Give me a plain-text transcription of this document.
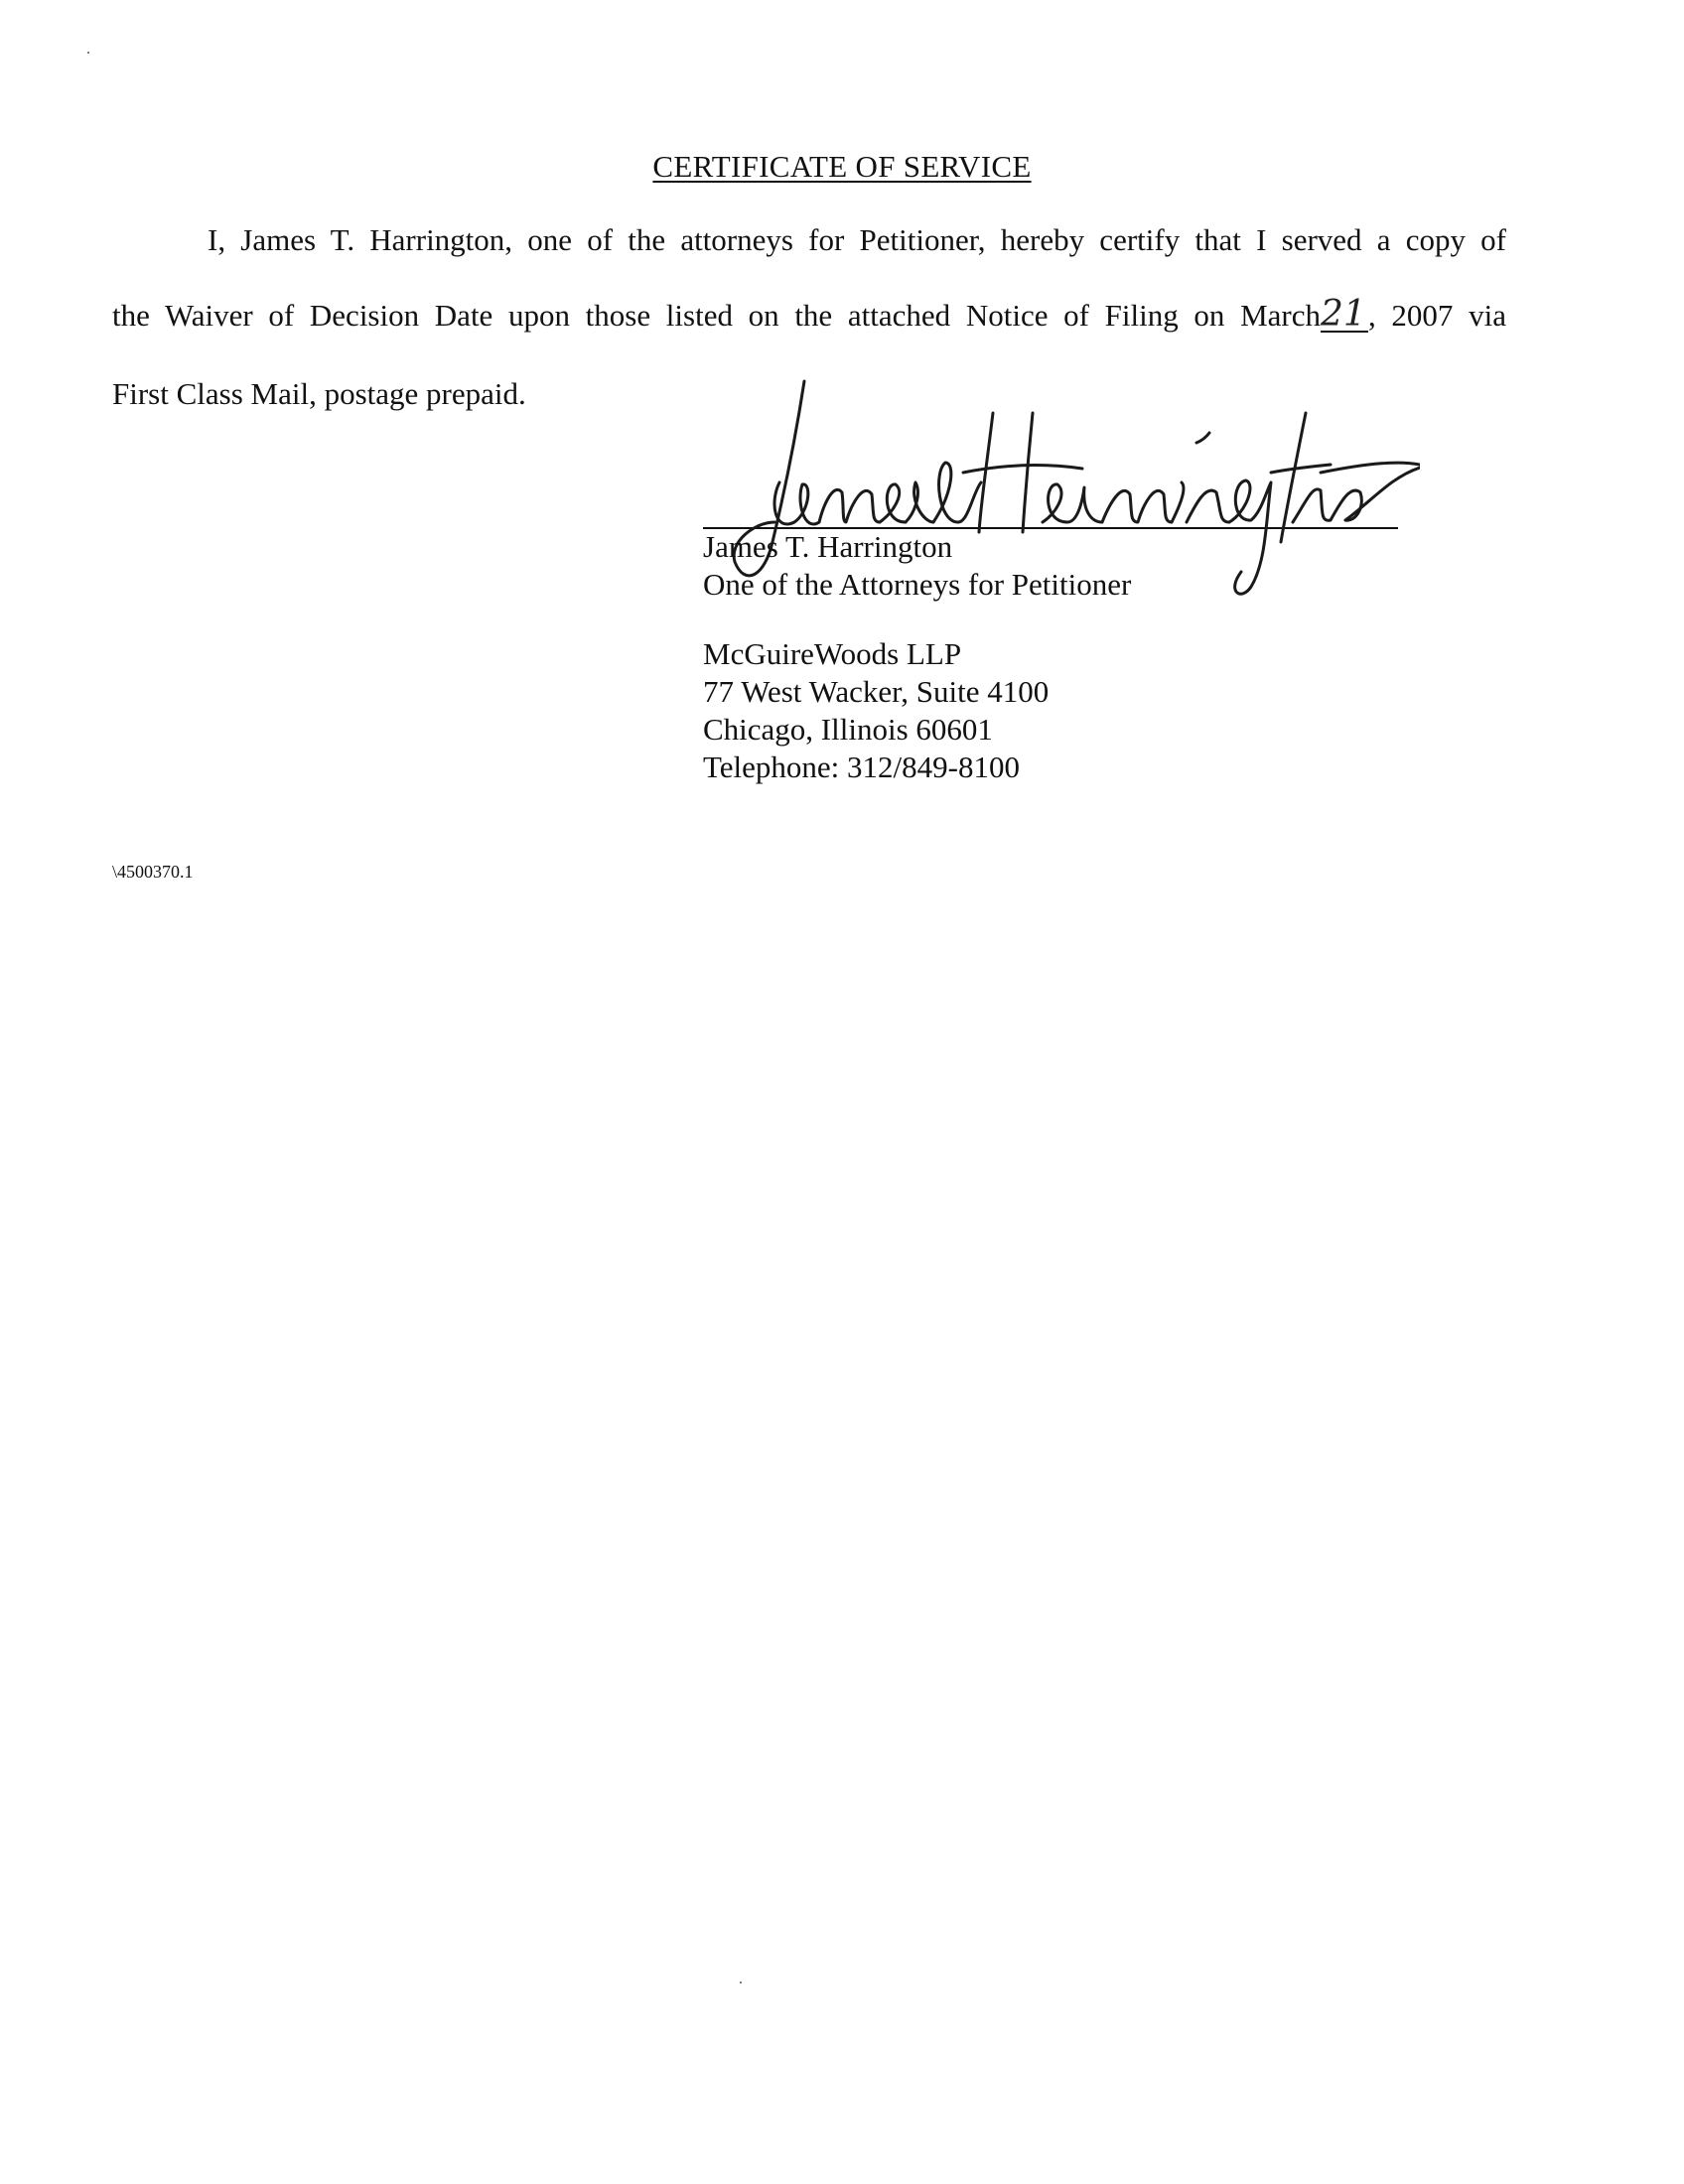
CERTIFICATE OF SERVICE
I, James T. Harrington, one of the attorneys for Petitioner, hereby certify that I served a copy of
the Waiver of Decision Date upon those listed on the attached Notice of Filing on March21, 2007 via
First Class Mail, postage prepaid.
James T. Harrington
One of the Attorneys for Petitioner
McGuireWoods LLP
77 West Wacker, Suite 4100
Chicago, Illinois 60601
Telephone: 312/849-8100
\4500370.1
